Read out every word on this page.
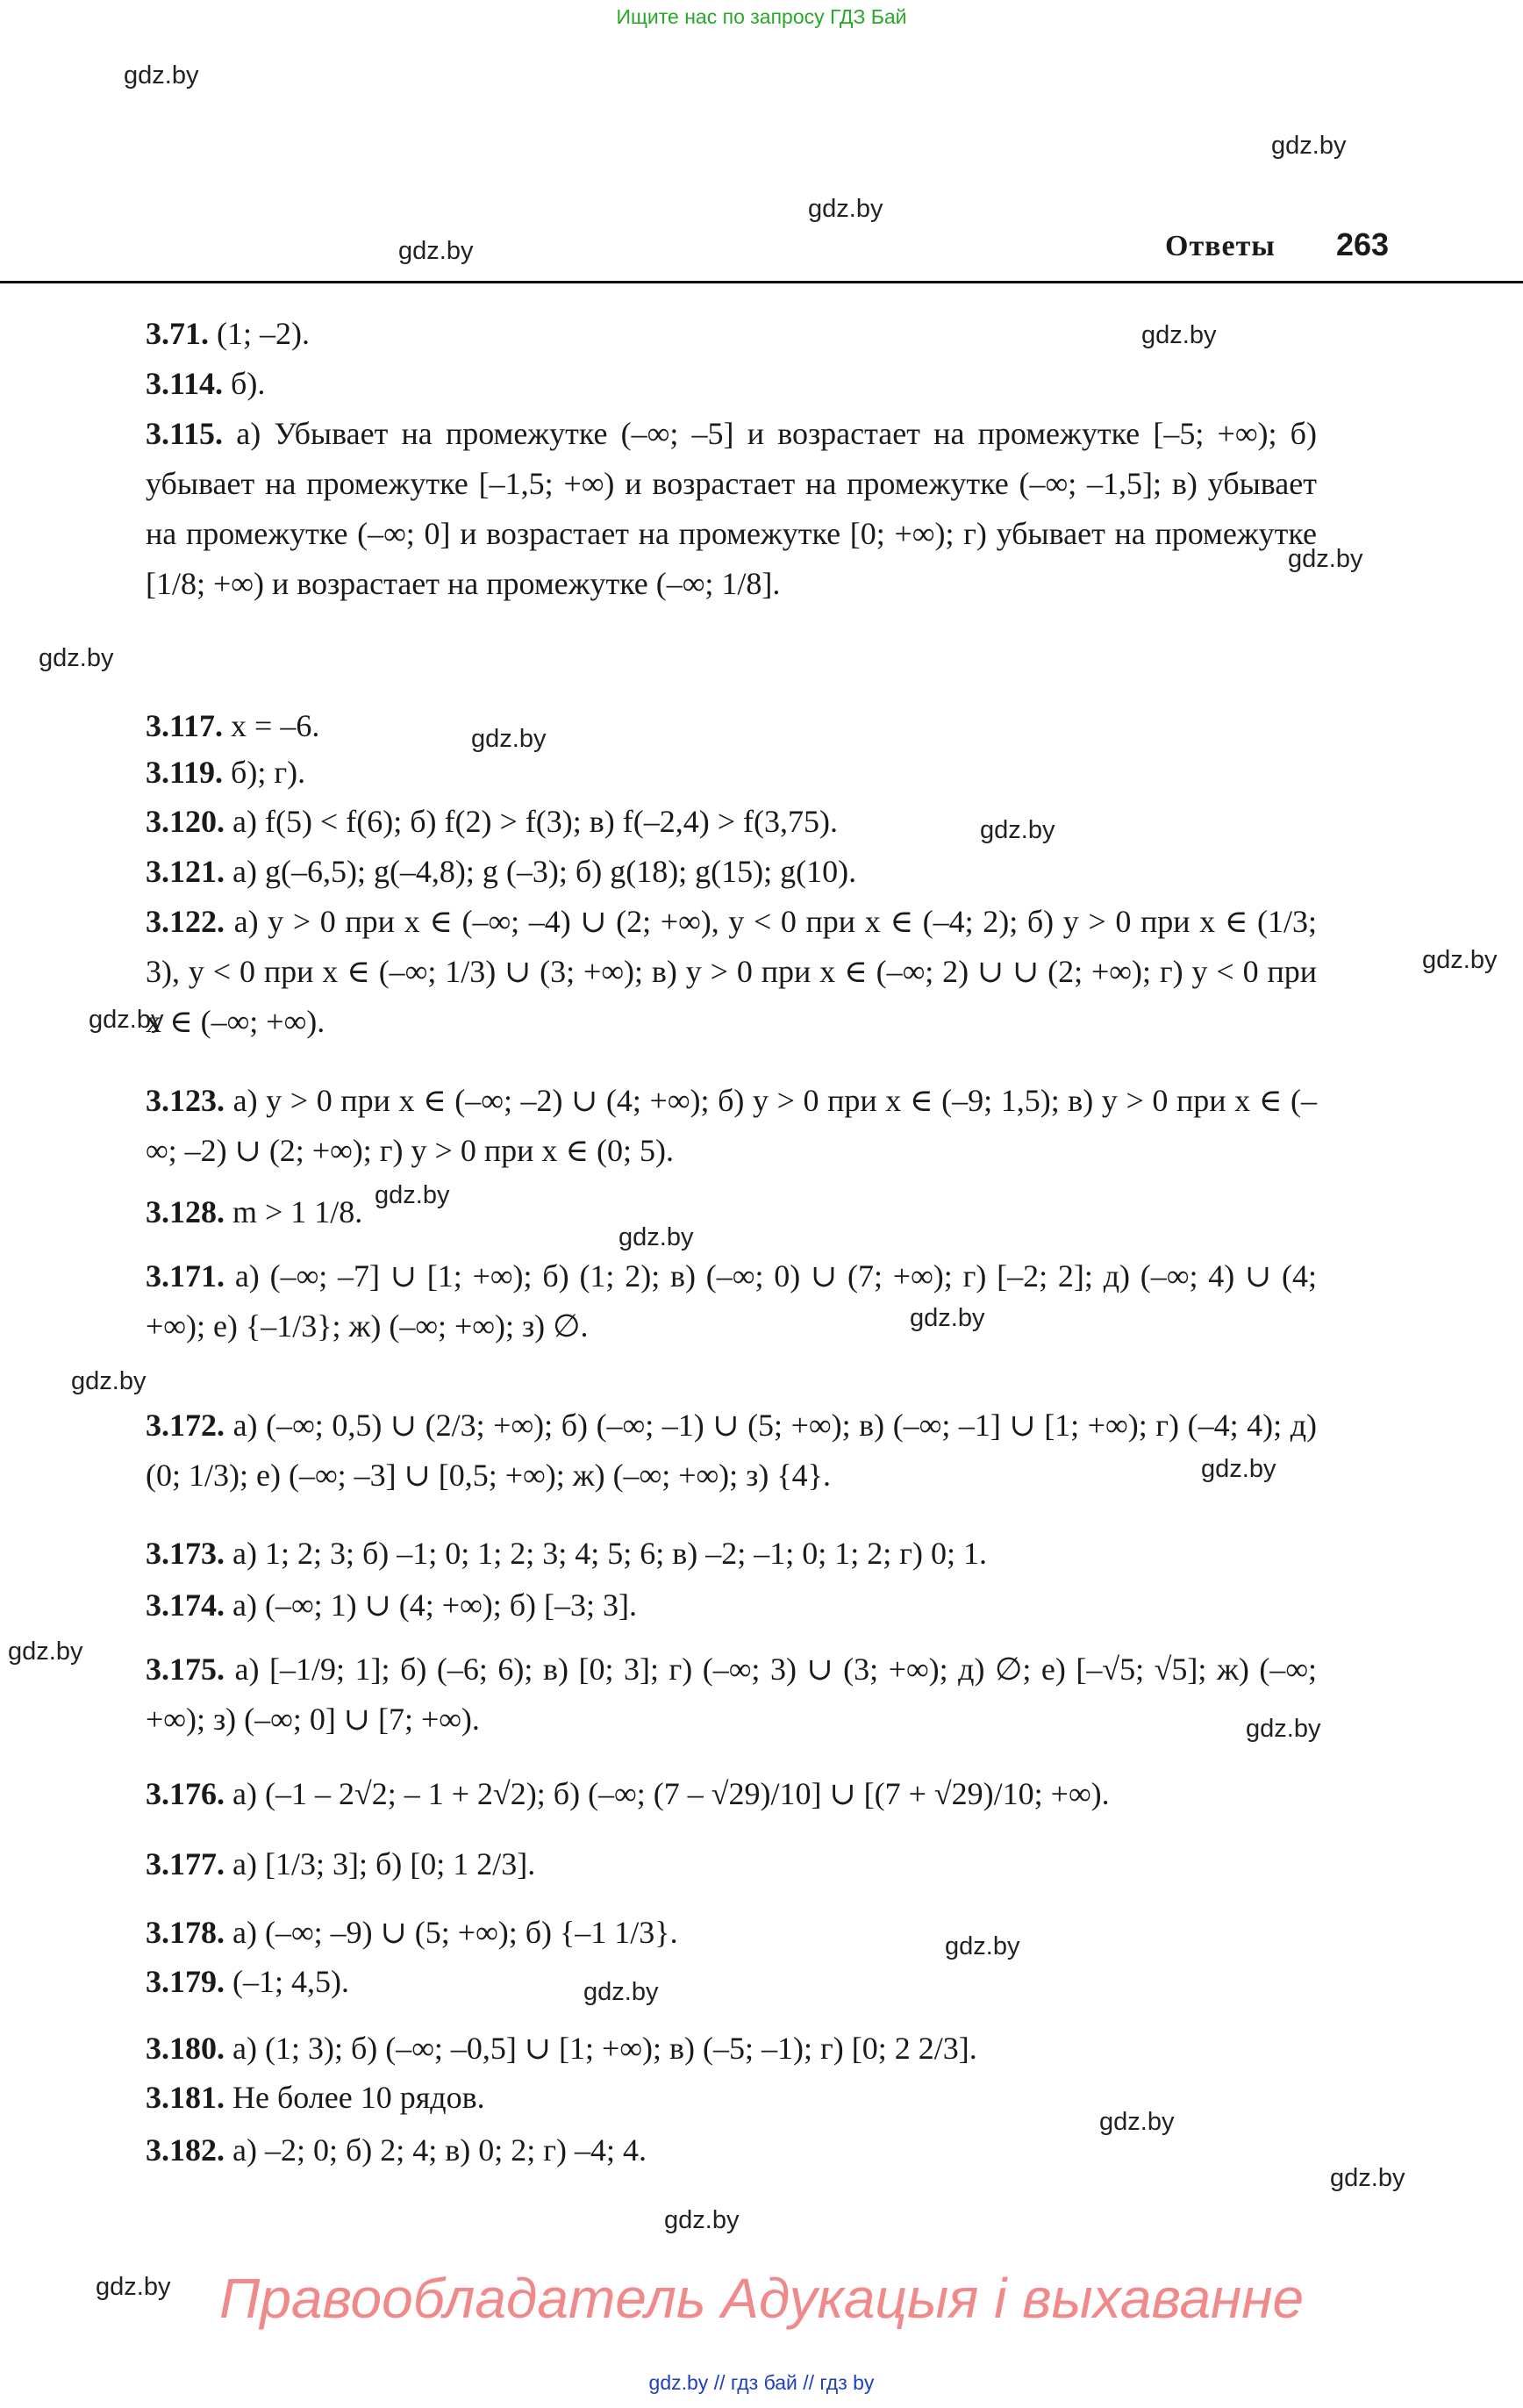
Ищите нас по запросу ГДЗ Бай
gdz.by
gdz.by
gdz.by
gdz.by
gdz.by
gdz.by
gdz.by
gdz.by
gdz.by
gdz.by
gdz.by
gdz.by
gdz.by
gdz.by
gdz.by
gdz.by
gdz.by
gdz.by
gdz.by
gdz.by
gdz.by
gdz.by
gdz.by
gdz.by
Ответы 263
3.71. (1; –2).
3.114. б).
3.115. а) Убывает на промежутке (–∞; –5] и возрастает на промежутке [–5; +∞); б) убывает на промежутке [–1,5; +∞) и возрастает на промежутке (–∞; –1,5]; в) убывает на промежутке (–∞; 0] и возрастает на промежутке [0; +∞); г) убывает на промежутке [1/8; +∞) и возрастает на промежутке (–∞; 1/8].
3.117. x = –6.
3.119. б); г).
3.120. а) f(5) < f(6); б) f(2) > f(3); в) f(–2,4) > f(3,75).
3.121. а) g(–6,5); g(–4,8); g (–3); б) g(18); g(15); g(10).
3.122. а) y > 0 при x ∈ (–∞; –4) ∪ (2; +∞), y < 0 при x ∈ (–4; 2); б) y > 0 при x ∈ (1/3; 3), y < 0 при x ∈ (–∞; 1/3) ∪ (3; +∞); в) y > 0 при x ∈ (–∞; 2) ∪ ∪ (2; +∞); г) y < 0 при x ∈ (–∞; +∞).
3.123. а) y > 0 при x ∈ (–∞; –2) ∪ (4; +∞); б) y > 0 при x ∈ (–9; 1,5); в) y > 0 при x ∈ (–∞; –2) ∪ (2; +∞); г) y > 0 при x ∈ (0; 5).
3.128. m > 1 1/8.
3.171. а) (–∞; –7] ∪ [1; +∞); б) (1; 2); в) (–∞; 0) ∪ (7; +∞); г) [–2; 2]; д) (–∞; 4) ∪ (4; +∞); е) {–1/3}; ж) (–∞; +∞); з) ∅.
3.172. а) (–∞; 0,5) ∪ (2/3; +∞); б) (–∞; –1) ∪ (5; +∞); в) (–∞; –1] ∪ [1; +∞); г) (–4; 4); д) (0; 1/3); е) (–∞; –3] ∪ [0,5; +∞); ж) (–∞; +∞); з) {4}.
3.173. а) 1; 2; 3; б) –1; 0; 1; 2; 3; 4; 5; 6; в) –2; –1; 0; 1; 2; г) 0; 1.
3.174. а) (–∞; 1) ∪ (4; +∞); б) [–3; 3].
3.175. а) [–1/9; 1]; б) (–6; 6); в) [0; 3]; г) (–∞; 3) ∪ (3; +∞); д) ∅; е) [–√5; √5]; ж) (–∞; +∞); з) (–∞; 0] ∪ [7; +∞).
3.176. а) (–1 – 2√2; – 1 + 2√2); б) (–∞; (7 – √29)/10] ∪ [(7 + √29)/10; +∞).
3.177. а) [1/3; 3]; б) [0; 1 2/3].
3.178. а) (–∞; –9) ∪ (5; +∞); б) {–1 1/3}.
3.179. (–1; 4,5).
3.180. а) (1; 3); б) (–∞; –0,5] ∪ [1; +∞); в) (–5; –1); г) [0; 2 2/3].
3.181. Не более 10 рядов.
3.182. а) –2; 0; б) 2; 4; в) 0; 2; г) –4; 4.
Правообладатель Адукацыя і выхаванне
gdz.by // гдз бай // гдз by
